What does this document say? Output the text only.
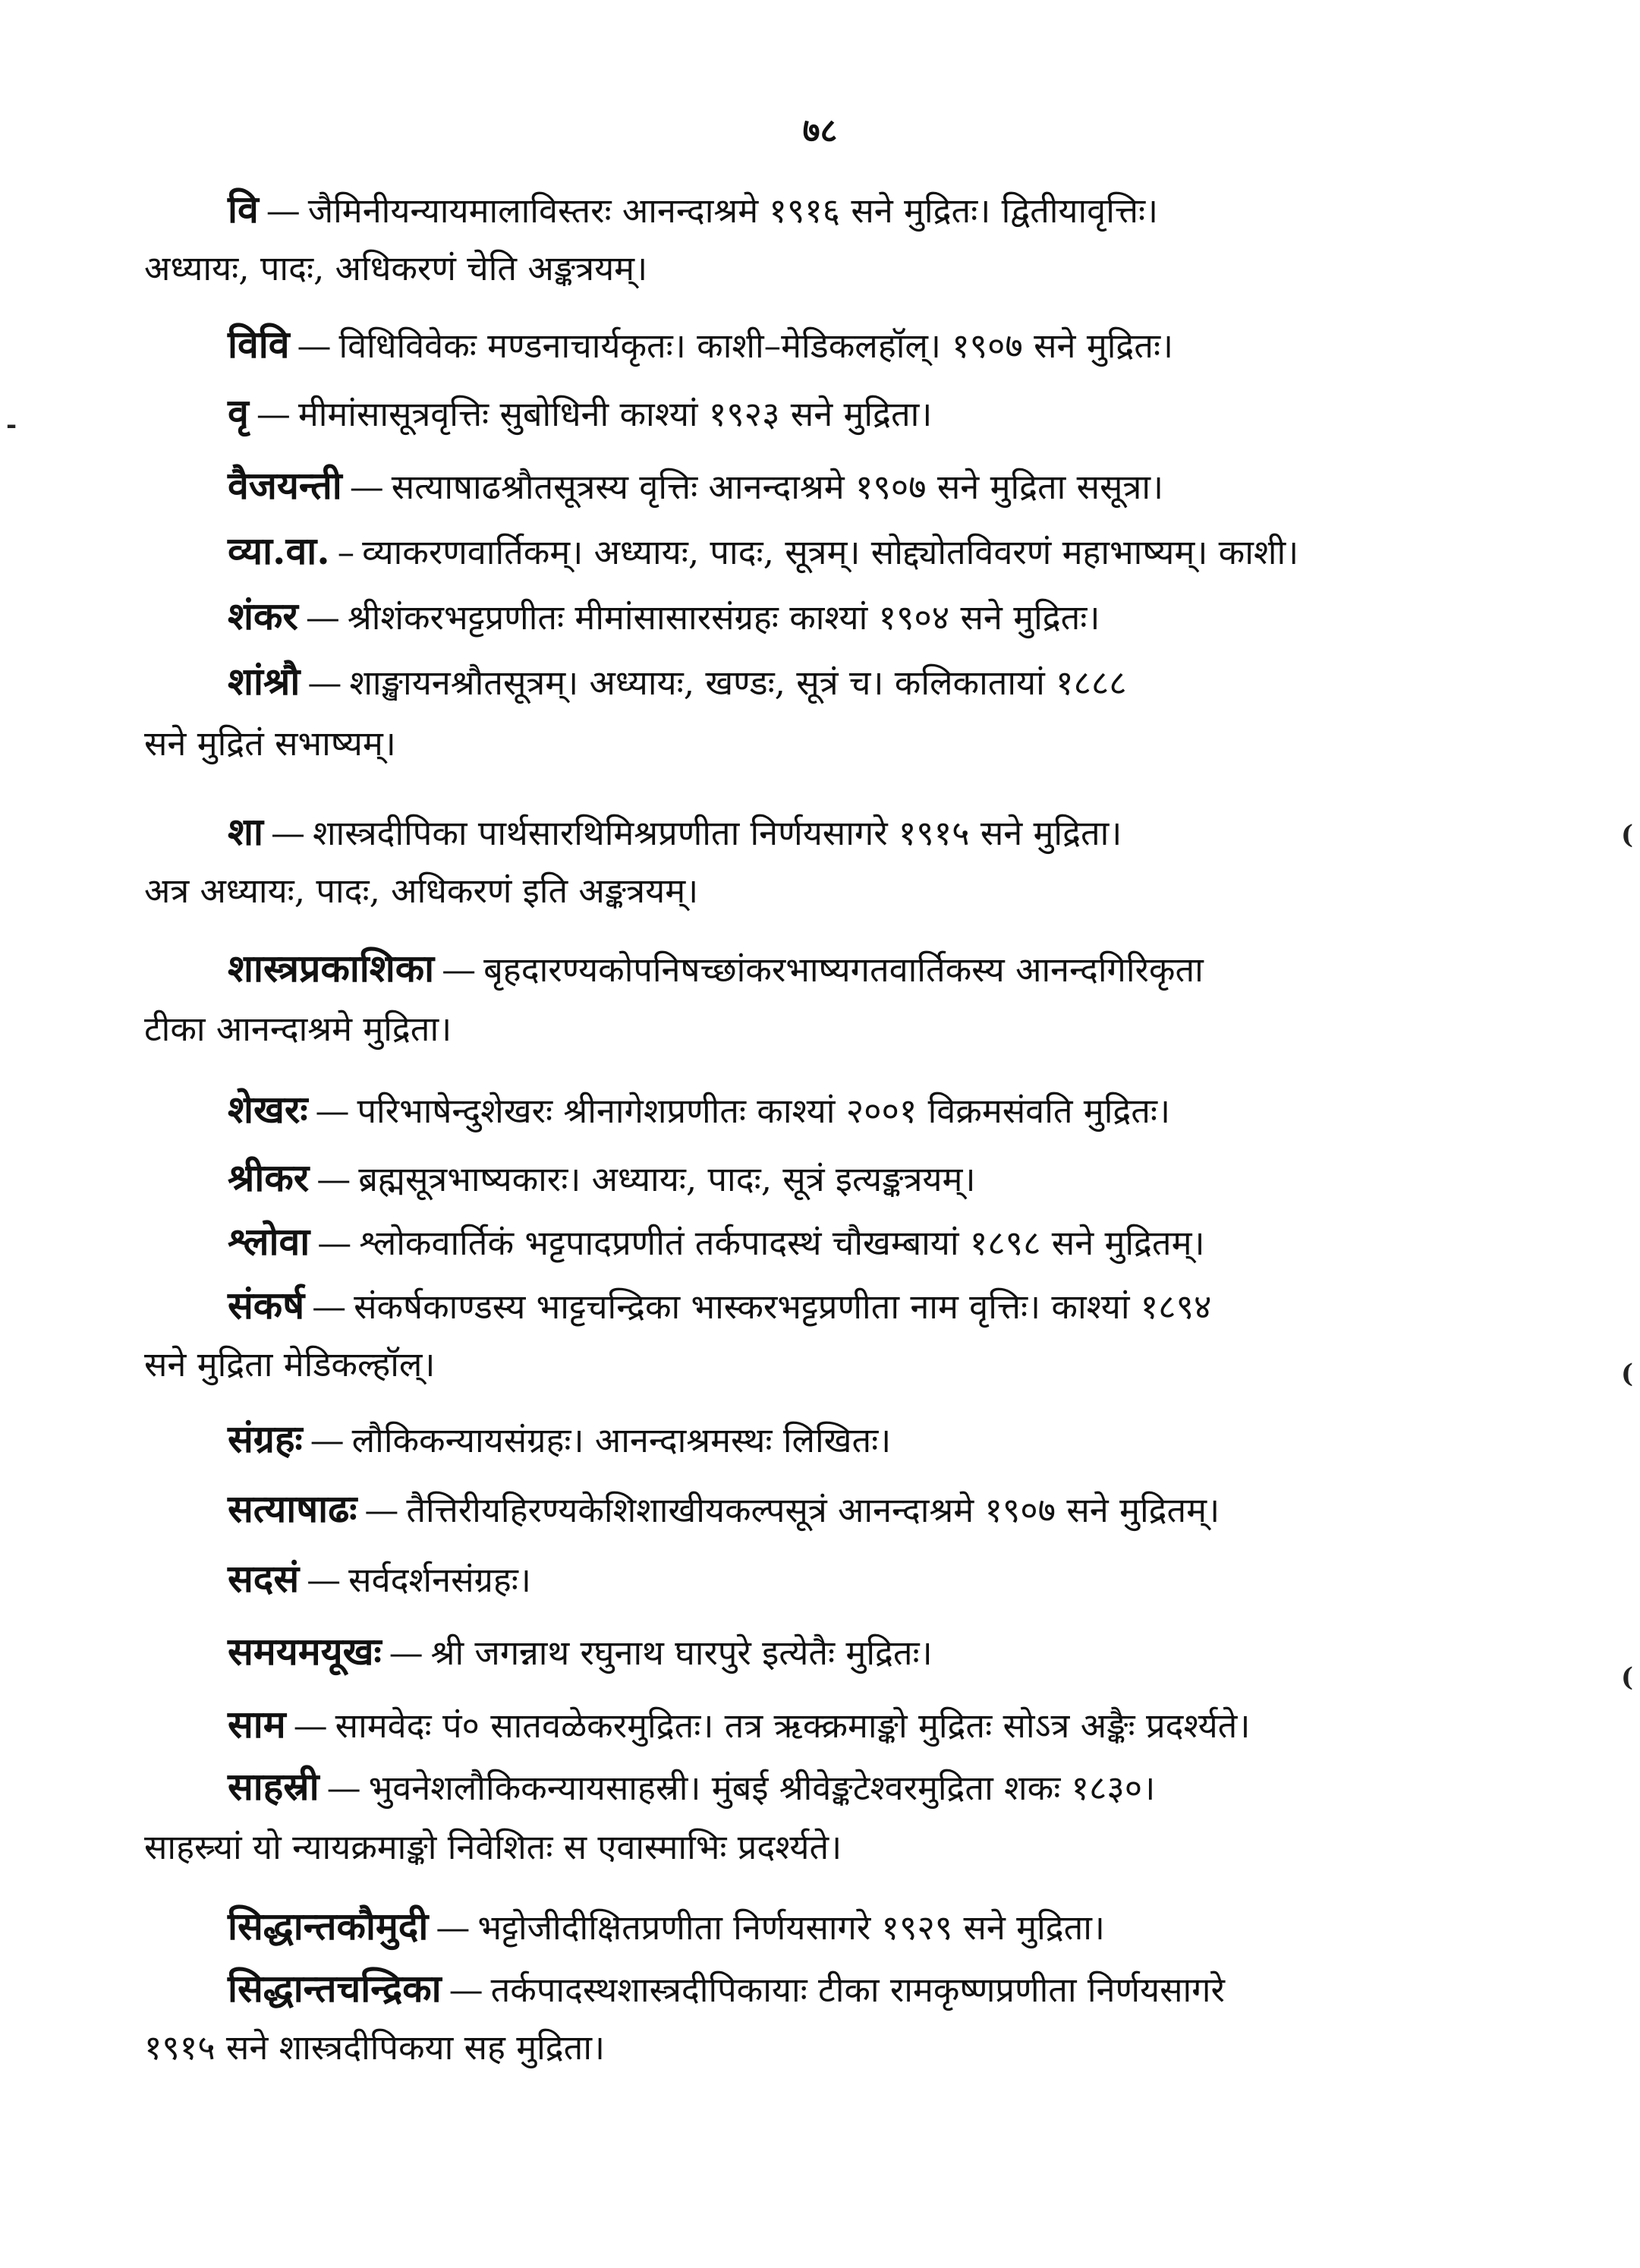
७८
वि — जैमिनीयन्यायमालाविस्तरः आनन्दाश्रमे १९१६ सने मुद्रितः। द्वितीयावृत्तिः।
अध्यायः, पादः, अधिकरणं चेति अङ्कत्रयम्।
विवि — विधिविवेकः मण्डनाचार्यकृतः। काशी–मेडिकलहॉल्। १९०७ सने मुद्रितः।
वृ — मीमांसासूत्रवृत्तिः सुबोधिनी काश्यां १९२३ सने मुद्रिता।
वैजयन्ती — सत्याषाढश्रौतसूत्रस्य वृत्तिः आनन्दाश्रमे १९०७ सने मुद्रिता ससूत्रा।
व्या.वा. – व्याकरणवार्तिकम्। अध्यायः, पादः, सूत्रम्। सोद्द्योतविवरणं महाभाष्यम्। काशी।
शंकर — श्रीशंकरभट्टप्रणीतः मीमांसासारसंग्रहः काश्यां १९०४ सने मुद्रितः।
शांश्रौ — शाङ्खायनश्रौतसूत्रम्। अध्यायः, खण्डः, सूत्रं च। कलिकातायां १८८८
सने मुद्रितं सभाष्यम्।
शा — शास्त्रदीपिका पार्थसारथिमिश्रप्रणीता निर्णयसागरे १९१५ सने मुद्रिता।
अत्र अध्यायः, पादः, अधिकरणं इति अङ्कत्रयम्।
शास्त्रप्रकाशिका — बृहदारण्यकोपनिषच्छांकरभाष्यगतवार्तिकस्य आनन्दगिरिकृता
टीका आनन्दाश्रमे मुद्रिता।
शेखरः — परिभाषेन्दुशेखरः श्रीनागेशप्रणीतः काश्यां २००१ विक्रमसंवति मुद्रितः।
श्रीकर — ब्रह्मसूत्रभाष्यकारः। अध्यायः, पादः, सूत्रं इत्यङ्कत्रयम्।
श्लोवा — श्लोकवार्तिकं भट्टपादप्रणीतं तर्कपादस्थं चौखम्बायां १८९८ सने मुद्रितम्।
संकर्ष — संकर्षकाण्डस्य भाट्टचन्द्रिका भास्करभट्टप्रणीता नाम वृत्तिः। काश्यां १८९४
सने मुद्रिता मेडिकल्हॉल्।
संग्रहः — लौकिकन्यायसंग्रहः। आनन्दाश्रमस्थः लिखितः।
सत्याषाढः — तैत्तिरीयहिरण्यकेशिशाखीयकल्पसूत्रं आनन्दाश्रमे १९०७ सने मुद्रितम्।
सदसं — सर्वदर्शनसंग्रहः।
समयमयूखः — श्री जगन्नाथ रघुनाथ घारपुरे इत्येतैः मुद्रितः।
साम — सामवेदः पं० सातवळेकरमुद्रितः। तत्र ऋक्क्रमाङ्को मुद्रितः सोऽत्र अङ्कैः प्रदर्श्यते।
साहस्री — भुवनेशलौकिकन्यायसाहस्री। मुंबई श्रीवेङ्कटेश्वरमुद्रिता शकः १८३०।
साहस्र्यां यो न्यायक्रमाङ्को निवेशितः स एवास्माभिः प्रदर्श्यते।
सिद्धान्तकौमुदी — भट्टोजीदीक्षितप्रणीता निर्णयसागरे १९२९ सने मुद्रिता।
सिद्धान्तचन्द्रिका — तर्कपादस्थशास्त्रदीपिकायाः टीका रामकृष्णप्रणीता निर्णयसागरे
१९१५ सने शास्त्रदीपिकया सह मुद्रिता।
-
(
(
(
